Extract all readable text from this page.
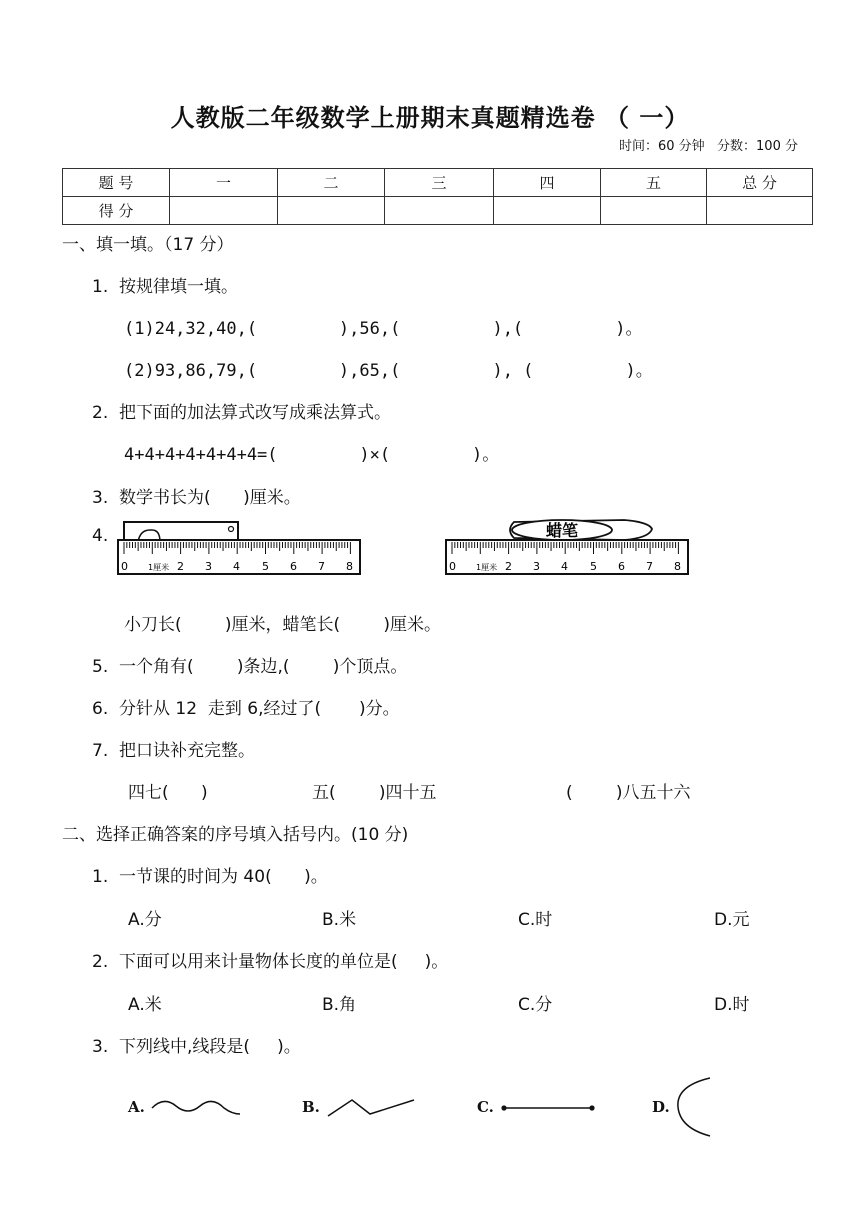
人教版二年级数学上册期末真题精选卷 （ 一）
时间：60 分钟   分数：100 分
题 号	一	二	三	四	五	总 分
得 分						
一、填一填。（17 分）
1.  按规律填一填。
(1)24,32,40,(        ),56,(         ),(         )。
(2)93,86,79,(        ),65,(         ), (         )。
2.  把下面的加法算式改写成乘法算式。
4+4+4+4+4+4+4=(        )×(        )。
3.  数学书长为(      )厘米。
4.
0	1厘米 2 3 4 5 6 7 8
蜡笔
0	1厘米 2 3 4 5 6 7 8
小刀长(        )厘米，蜡笔长(        )厘米。
5.  一个角有(        )条边,(        )个顶点。
6.  分针从 12  走到 6,经过了(       )分。
7.  把口诀补充完整。
四七(      )	五(        )四十五	(        )八五十六
二、选择正确答案的序号填入括号内。(10 分)
1.  一节课的时间为 40(      )。
A.分	B.米	C.时	D.元
2.  下面可以用来计量物体长度的单位是(     )。
A.米	B.角	C.分	D.时
3.  下列线中,线段是(     )。
A.	B.	C.	D.
